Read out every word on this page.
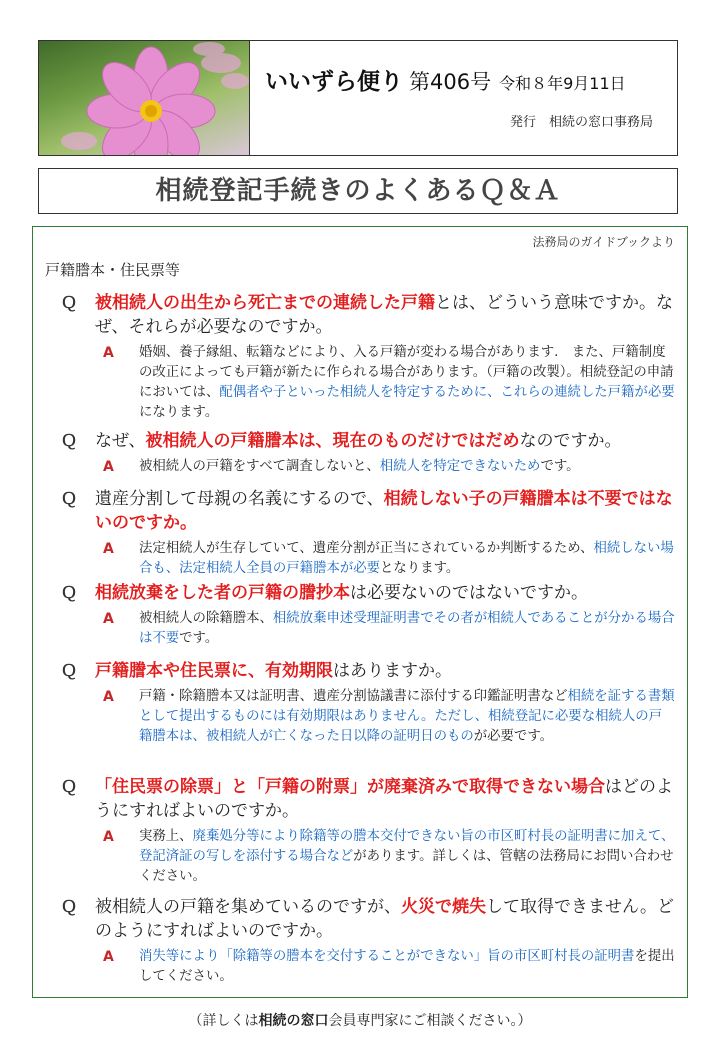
いいずら便り 第406号 令和８年9月11日
発行　相続の窓口事務局
相続登記手続きのよくあるＱ＆Ａ
法務局のガイドブックより
戸籍謄本・住民票等
Ｑ 被相続人の出生から死亡までの連続した戸籍とは、どういう意味ですか。なぜ、それらが必要なのですか。
A 婚姻、養子縁組、転籍などにより、入る戸籍が変わる場合があります.　また、戸籍制度の改正によっても戸籍が新たに作られる場合があります。（戸籍の改製）。相続登記の申請においては、配偶者や子といった相続人を特定するために、これらの連続した戸籍が必要になります。
Ｑ なぜ、被相続人の戸籍謄本は、現在のものだけではだめなのですか。
A 被相続人の戸籍をすべて調査しないと、相続人を特定できないためです。
Ｑ 遺産分割して母親の名義にするので、相続しない子の戸籍謄本は不要ではないのですか。
A 法定相続人が生存していて、遺産分割が正当にされているか判断するため、相続しない場合も、法定相続人全員の戸籍謄本が必要となります。
Ｑ 相続放棄をした者の戸籍の謄抄本は必要ないのではないですか。
A 被相続人の除籍謄本、相続放棄申述受理証明書でその者が相続人であることが分かる場合は不要です。
Ｑ 戸籍謄本や住民票に、有効期限はありますか。
A 戸籍・除籍謄本又は証明書、遺産分割協議書に添付する印鑑証明書など相続を証する書類として提出するものには有効期限はありません。ただし、相続登記に必要な相続人の戸籍謄本は、被相続人が亡くなった日以降の証明日のものが必要です。
Ｑ 「住民票の除票」と「戸籍の附票」が廃棄済みで取得できない場合はどのようにすればよいのですか。
A 実務上、廃棄処分等により除籍等の謄本交付できない旨の市区町村長の証明書に加えて、登記済証の写しを添付する場合などがあります。詳しくは、管轄の法務局にお問い合わせください。
Ｑ 被相続人の戸籍を集めているのですが、火災で焼失して取得できません。どのようにすればよいのですか。
A 消失等により「除籍等の謄本を交付することができない」旨の市区町村長の証明書を提出してください。
（詳しくは相続の窓口会員専門家にご相談ください。）
